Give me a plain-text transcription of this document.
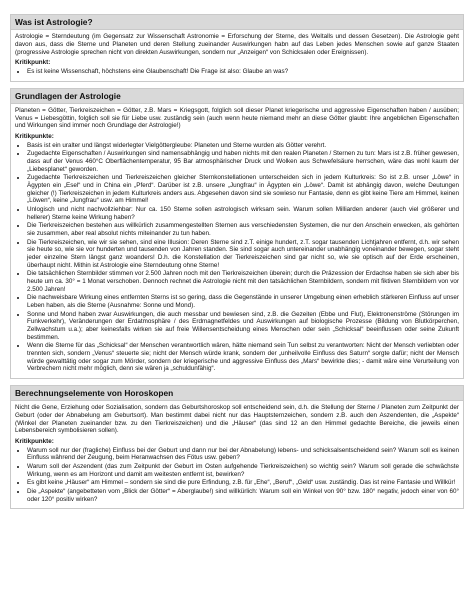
Was ist Astrologie?
Astrologie = Sterndeutung (im Gegensatz zur Wissenschaft Astronomie = Erforschung der Sterne, des Weltalls und dessen Gesetzen). Die Astrologie geht davon aus, dass die Sterne und Planeten und deren Stellung zueinander Auswirkungen habn auf das Leben jedes Menschen sowie auf ganze Staaten (progressive Astrologie sprechen nicht von direkten Auswirkungen, sondern nur „Anzeigen“ von Schicksalen oder Ereignissen).
Kritikpunkt:
• Es ist keine Wissenschaft, höchstens eine Glaubenschaft! Die Frage ist also: Glaube an was?
Grundlagen der Astrologie
Planeten = Götter, Tierkreiszeichen = Götter, z.B. Mars = Kriegsgott, folglich soll dieser Planet kriegerische und aggressive Eigenschaften haben / ausüben; Venus = Liebesgöttin, folglich soll sie für Liebe usw. zuständig sein (auch wenn heute niemand mehr an diese Götter glaubt: Ihre angeblichen Eigenschaften und Wirkungen sind immer noch Grundlage der Astrologie!)
Kritikpunkte:
• Basis ist ein uralter und längst widerlegter Vielgöttergleube: Planeten und Sterne wurden als Götter verehrt.
• Zugedachte Eigenschaften / Auswirkungen sind namensabhängig und haben nichts mit den realen Planeten / Sternen zu tun: Mars ist z.B. früher gewesen, dass auf der Venus 460°C Oberflächentemperatur, 95 Bar atmosphärischer Druck und Wolken aus Schwefelsäure herrschen, wäre das wohl kaum der „Liebesplanet“ geworden.
• Zugedachte Tierkreiszeichen und Tierkreiszeichen gleicher Sternkonstellationen unterscheiden sich in jedem Kulturkreis: So ist z.B. unser „Löwe“ in Ägypten ein „Esel“ und in China ein „Pferd“. Darüber ist z.B. unsere „Jungfrau“ in Ägypten ein „Löwe“. Damit ist abhängig davon, welche Deutungen gleicher (!) Tierkreiszeichen in jedem Kulturkreis anders aus. Abgesehen davon sind sie sowieso nur Fantasie, denn es gibt keine Tiere am Himmel, keinen „Löwen“, keine „Jungfrau“ usw. am Himmel!
• Unlogisch und nicht nachvollziehbar: Nur ca. 150 Sterne sollen astrologisch wirksam sein. Warum sollen Milliarden anderer (auch viel größerer und hellerer) Sterne keine Wirkung haben?
• Die Tierkreiszeichen bestehen aus willkürlich zusammengestellten Sternen aus verschiedensten Systemen, die nur den Anschein erwecken, als gehörten sie zusammen, aber real absolut nichts miteinander zu tun haben.
• Die Tierkreiszeichen, wie wir sie sehen, sind eine Illusion: Deren Sterne sind z.T. einige hundert, z.T. sogar tausenden Lichtjahren entfernt, d.h. wir sehen sie heute so, wie sie vor hunderten und tausenden von Jahren standen. Sie sind sogar auch untereinander unabhängig voneinander bewegen, sogar steht jeder einzelne Stern längst ganz woanders! D.h. die Konstellation der Tierkreiszeichen sind gar nicht so, wie sie optisch auf der Erde erscheinen, überhaupt nicht. Mithin ist Astrologie eine Sterndeutung ohne Sterne!
• Die tatsächlichen Sternbilder stimmen vor 2.500 Jahren noch mit den Tierkreiszeichen überein; durch die Präzession der Erdachse haben sie sich aber bis heute um ca. 30° = 1 Monat verschoben. Dennoch rechnet die Astrologie nicht mit den tatsächlichen Sternbildern, sondern mit fiktiven Sternbildern von vor 2.500 Jahren!
• Die nachweisbare Wirkung eines entfernten Sterns ist so gering, dass die Gegenstände in unserer Umgebung einen erheblich stärkeren Einfluss auf unser Leben haben, als die Sterne (Ausnahme: Sonne und Mond).
• Sonne und Mond haben zwar Auswirkungen, die auch messbar und bewiesen sind, z.B. die Gezeiten (Ebbe und Flut), Elektronenströme (Störungen im Funkverkehr), Veränderungen der Erdatmosphäre / des Erdmagnetfeldes und Auswirkungen auf biologische Prozesse (Bildung von Blutkörperchen, Zellwachstum u.a.); aber keinesfalls wirken sie auf freie Willensentscheidung eines Menschen oder sein „Schicksal“ beeinflussen oder seine Zukunft bestimmen.
• Wenn die Sterne für das „Schicksal“ der Menschen verantwortlich wären, hätte niemand sein Tun selbst zu verantworten: Nicht der Mensch verliebten oder trennten sich, sondern „Venus“ steuerte sie; nicht der Mensch würde krank, sondern der „unheilvolle Einfluss des Saturn“ sorgte dafür; nicht der Mensch würde gewalttätig oder sogar zum Mörder, sondern der kriegerische und aggressive Einfluss des „Mars“ bewirkte dies; - damit wäre eine Verurteilung von Verbrechern nicht mehr möglich, denn sie wären ja „schuldunfähig“.
Berechnungselemente von Horoskopen
Nicht die Gene, Erziehung oder Sozialisation, sondern das Geburtshoroskop soll entscheidend sein, d.h. die Stellung der Sterne / Planeten zum Zeitpunkt der Geburt (oder der Abnabelung am Geburtsort). Man bestimmt dabei nicht nur das Hauptsternzeichen, sondern z.B. auch den Aszendenten, die „Aspekte“ (Winkel der Planeten zueinander bzw. zu den Tierkreiszeichen) und die „Häuser“ (das sind 12 an den Himmel gedachte Bereiche, die jeweils einen Lebensbereich symbolisieren sollen).
Kritikpunkte:
• Warum soll nur der (fragliche) Einfluss bei der Geburt und dann nur bei der Abnabelung) lebens- und schicksalsentscheidend sein? Warum soll es keinen Einfluss während der Zeugung, beim Heranwachsen des Fötus usw. geben?
• Warum soll der Aszendent (das zum Zeitpunkt der Geburt im Osten aufgehende Tierkreiszeichen) so wichtig sein? Warum soll gerade die schwächste Wirkung, wenn es am Horizont und damit am weitesten entfernt ist, bewirken?
• Es gibt keine „Häuser“ am Himmel – sondern sie sind die pure Erfindung, z.B. für „Ehe“, „Beruf“, „Geld“ usw. zuständig. Das ist reine Fantasie und Willkür!
• Die „Aspekte“ (angebetteten vom „Blick der Götter“ = Aberglaube!) sind willkürlich: Warum soll ein Winkel von 90° bzw. 180° negativ, jedoch einer von 60° oder 120° positiv wirken?
